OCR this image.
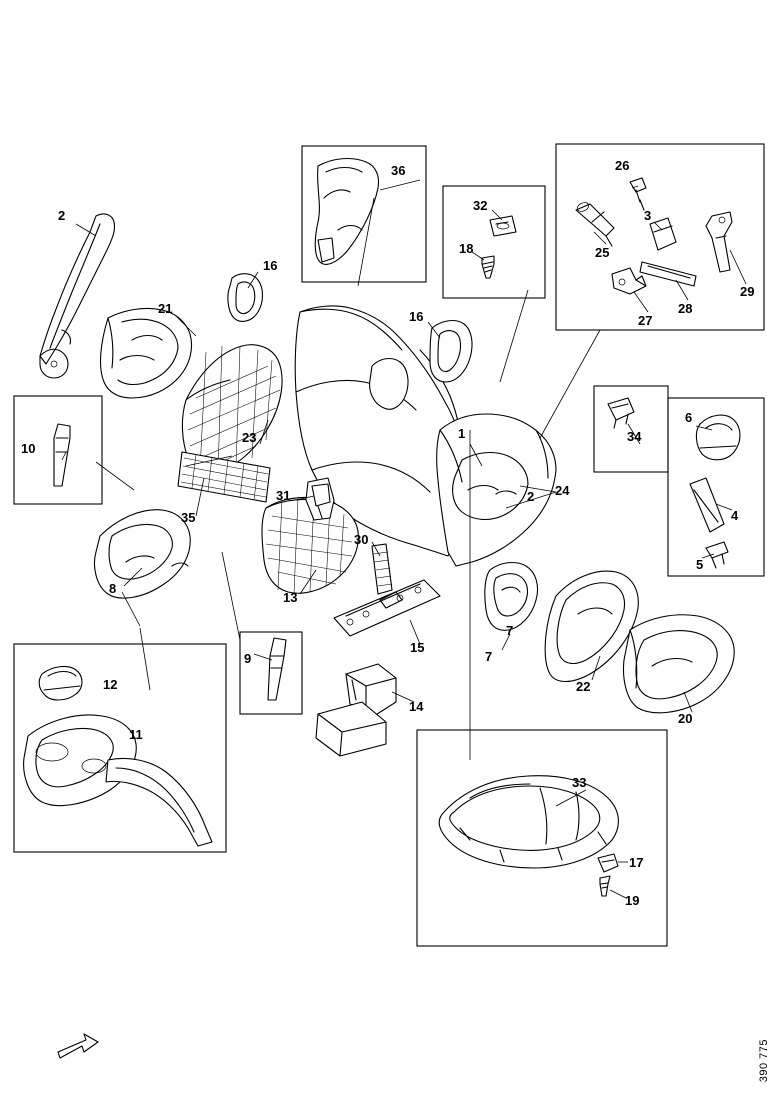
1
2	3
4
5
6
7
8
9
10
11
12
13
14
15
16
16
17
18
19
20
21
22
23
24
25
26
27
28
29
30
31
32
33
34
35
36
7
2
390 775
